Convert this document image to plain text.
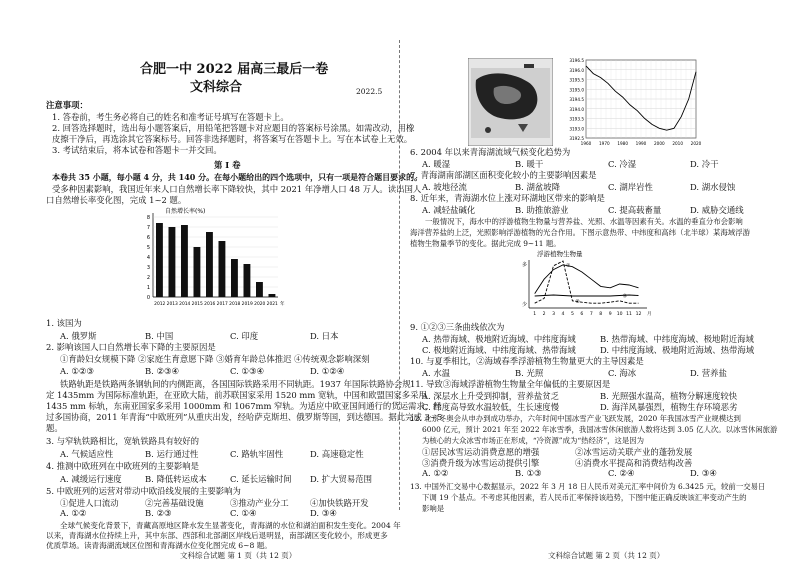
合肥一中 2022 届高三最后一卷
文科综合	2022.5
注意事项：
1. 答卷前，考生务必将自己的姓名和准考证号填写在答题卡上。
2. 回答选择题时，选出每小题答案后，用铅笔把答题卡对应题目的答案标号涂黑。如需改动，用橡
皮擦干净后，再选涂其它答案标号。回答非选择题时，将答案写在答题卡上。写在本试卷上无效。
3. 考试结束后，将本试卷和答题卡一并交回。
第 I 卷
本卷共 35 小题，每小题 4 分，共 140 分。在每小题给出的四个选项中，只有一项是符合题目要求的。
受多种因素影响，我国近年来人口自然增长率下降较快，其中 2021 年净增人口 48 万人。读出国人
口自然增长率变化图，完成 1~2 题。
自然增长率(%)
0
1
2
3
4
5
6
7
8
2012 2013 2014 2015 2016 2017 2018 2019 2020 2021 年
1. 该国为
A. 俄罗斯	B. 中国	C. 印度	D. 日本
2. 影响该国人口自然增长率下降的主要原因是
①育龄妇女规模下降 ②家庭生育意愿下降 ③婚育年龄总体推迟 ④传统观念影响深刻
A. ①②③	B. ②③④	C. ①③④	D. ①②④
铁路轨距是铁路两条钢轨间的内侧距离，各国国际铁路采用不同轨距。1937 年国际铁路协会规
定 1435mm 为国际标准轨距，在亚欧大陆，前苏联国家采用 1520 mm 宽轨，中国和欧盟国家多采用
1435 mm 标轨，东南亚国家多采用 1000mm 和 1067mm 窄轨。为适应中欧亚国间通行的货运需求，经
过多国协商，2011 年青海“中欧班列”从重庆出发，经哈萨克斯坦、俄罗斯等国，到达德国。据此完成 3~5
题。
3. 与窄轨铁路相比，宽轨铁路具有较好的
A. 气候适应性	B. 运行通过性	C. 路轨牢固性	D. 高速稳定性
4. 推测中欧班列在中欧班列的主要影响是
A. 减缓运行速度	B. 降低转运成本	C. 延长运输时间 D. 扩大贸易范围
5. 中欧班列的运营对带动中欧沿线发展的主要影响为
①促进人口流动	②完善基础设施	③推动产业分工	④加快铁路开发
A. ①②	B. ②③	C. ①④	D. ③④
全球气候变化背景下，青藏高原地区降水发生显著变化，青海湖的水位和湖泊面积发生变化。2004 年
以来，青海湖水位持续上升，其中东部、西部和北部湖区岸线后退明显，南部湖区变化较小，形成更多
优质草场。读青海湖流域区位图和青海湖水位变化图完成 6~8 题。
文科综合试题 第 1 页（共 12 页）
3196.5
3196.0
3195.5
3195.0
3194.5
3194.0
3193.5
3193.0
3192.5
1960 1970 1980 1990 2000 2010 2020
6. 2004 年以来青海湖流域气候变化趋势为
A. 暖湿	B. 暖干	C. 冷湿	D. 冷干
7. 青海湖南部湖区面积变化较小的主要影响因素是
A. 坡地径流	B. 湖盆坡降	C. 湖岸岩性	D. 湖水侵蚀
8. 近年来，青海湖水位上涨对环湖地区带来的影响是
A. 减轻盐碱化	B. 助推旅游业	C. 提高载畜量	D. 威胁交通线
一般情况下，海水中的浮游植物生物量与营养盐、光照、水温等因素有关。水温的垂直分布会影响
海洋营养盐的上泛，光照影响浮游植物的光合作用。下图示意热带、中纬度和高纬（北半球）某海域浮游
植物生物量季节的变化。据此完成 9~11 题。
浮游植物生物量
多
少
1 2 3 4 5 6 7 8 9 10 11 12 月
①
②
③
9. ①②③三条曲线依次为
A. 热带海域、极地附近海域、中纬度海域	B. 热带海域、中纬度海域、极地附近海域
C. 极地附近海域、中纬度海域、热带海域	D. 中纬度海域、极地附近海域、热带海域
10. 与夏季相比，②海域春季浮游植物生物量更大的主导因素是
A. 水温	B. 光照	C. 海冰	D. 营养盐
11. 导致③海域浮游植物生物量全年偏低的主要原因是
A. 深层水上升受到抑制，营养盐贫乏	B. 光照强水温高，植物分解速度较快
C. 纬度高导致水温较低，生长速度慢	D. 海洋风暴强烈，植物生存环境恶劣
12. 北京冬奥会从申办到成功举办，六年时间中国冰雪产业飞跃发展，2020 年我国冰雪产业规模达到
6000 亿元，预计 2021 年至 2022 年冰雪季，我国冰雪休闲旅游人数将达到 3.05 亿人次。以冰雪休闲旅游
为核心的大众冰雪市场正在形成，“冷资源”成为“热经济”，这是因为
①居民冰雪运动消费意愿的增强	②冰雪运动关联产业的蓬勃发展
③消费升级为冰雪运动提供引擎	④消费水平提高和消费结构改善
A. ①②	B. ①③	C. ②④	D. ③④
13. 中国外汇交易中心数据显示，2022 年 3 月 18 日人民币对美元汇率中间价为 6.3425 元，较前一交易日
下调 19 个基点。不考虑其他因素，若人民币汇率保持该趋势，下图中能正确反映该汇率变动产生的
影响是
文科综合试题 第 2 页（共 12 页）
